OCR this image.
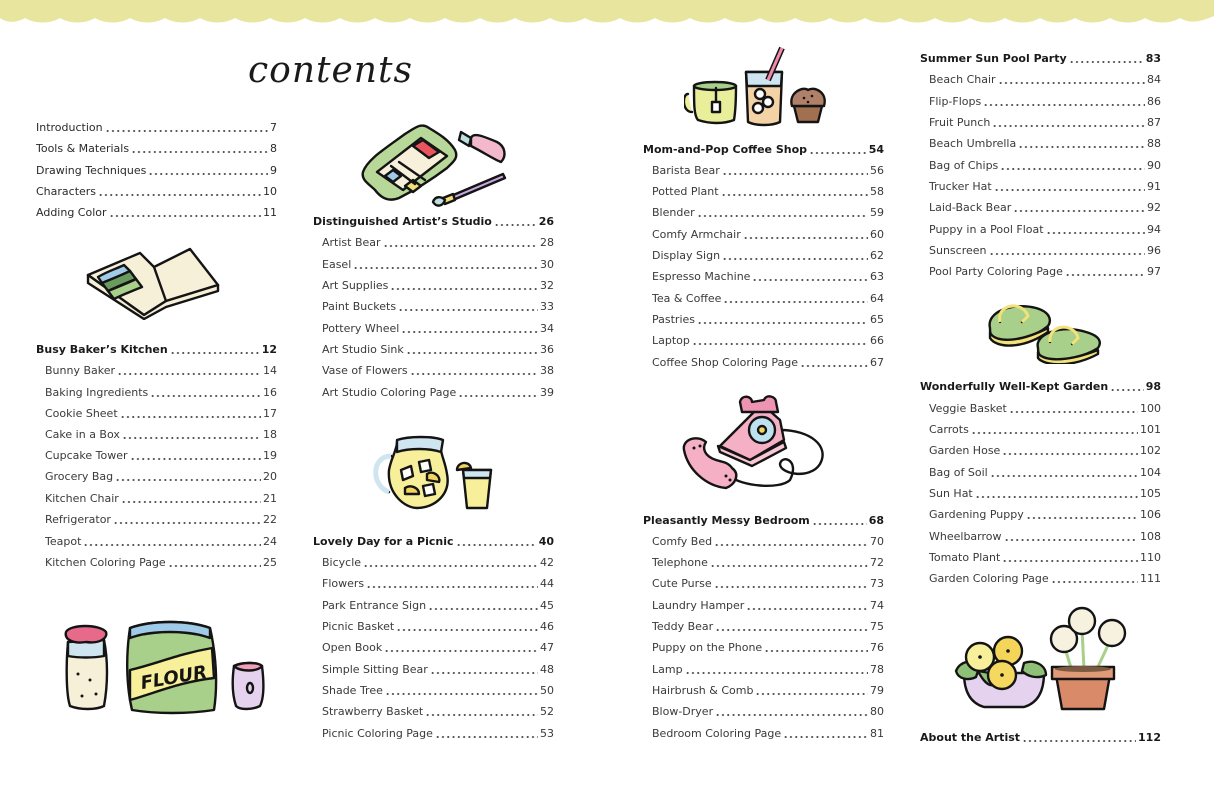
contents
Introduction	7
Tools & Materials	8
Drawing Techniques	9
Characters	10
Adding Color	11
Busy Baker’s Kitchen	12
Bunny Baker	14
Baking Ingredients	16
Cookie Sheet	17
Cake in a Box	18
Cupcake Tower	19
Grocery Bag	20
Kitchen Chair	21
Refrigerator	22
Teapot	24
Kitchen Coloring Page	25
Distinguished Artist’s Studio	26
Artist Bear	28
Easel	30
Art Supplies	32
Paint Buckets	33
Pottery Wheel	34
Art Studio Sink	36
Vase of Flowers	38
Art Studio Coloring Page	39
Lovely Day for a Picnic	40
Bicycle	42
Flowers	44
Park Entrance Sign	45
Picnic Basket	46
Open Book	47
Simple Sitting Bear	48
Shade Tree	50
Strawberry Basket	52
Picnic Coloring Page	53
Mom-and-Pop Coffee Shop	54
Barista Bear	56
Potted Plant	58
Blender	59
Comfy Armchair	60
Display Sign	62
Espresso Machine	63
Tea & Coffee	64
Pastries	65
Laptop	66
Coffee Shop Coloring Page	67
Pleasantly Messy Bedroom	68
Comfy Bed	70
Telephone	72
Cute Purse	73
Laundry Hamper	74
Teddy Bear	75
Puppy on the Phone	76
Lamp	78
Hairbrush & Comb	79
Blow-Dryer	80
Bedroom Coloring Page	81
Summer Sun Pool Party	83
Beach Chair	84
Flip-Flops	86
Fruit Punch	87
Beach Umbrella	88
Bag of Chips	90
Trucker Hat	91
Laid-Back Bear	92
Puppy in a Pool Float	94
Sunscreen	96
Pool Party Coloring Page	97
Wonderfully Well-Kept Garden	98
Veggie Basket	100
Carrots	101
Garden Hose	102
Bag of Soil	104
Sun Hat	105
Gardening Puppy	106
Wheelbarrow	108
Tomato Plant	110
Garden Coloring Page	111
About the Artist	112
FLOUR
